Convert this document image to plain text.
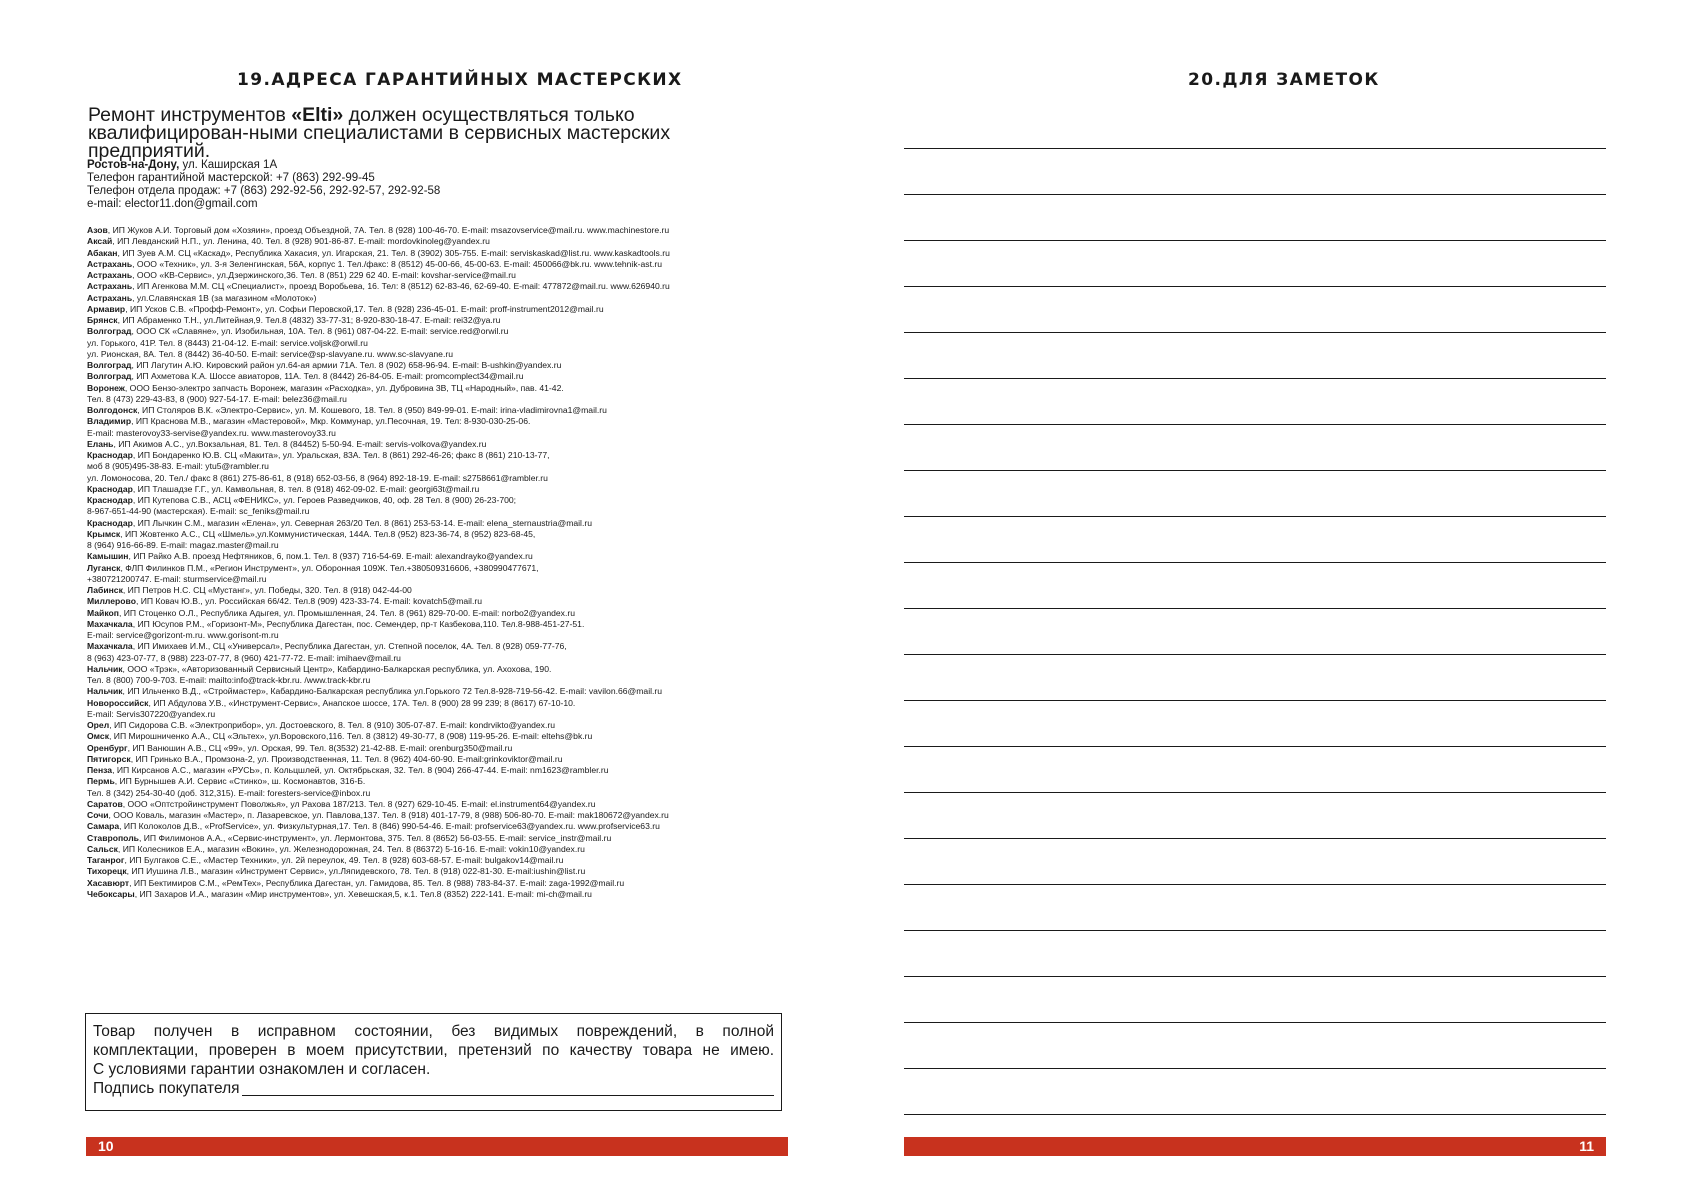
19.АДРЕСА ГАРАНТИЙНЫХ МАСТЕРСКИХ

Ремонт инструментов «Elti» должен осуществляться только квалифицирован-ными специалистами в сервисных мастерских предприятий.

Ростов-на-Дону, ул. Каширская 1А
Телефон гарантийной мастерской: +7 (863) 292-99-45
Телефон отдела продаж: +7 (863) 292-92-56, 292-92-57, 292-92-58
e-mail: elector11.don@gmail.com
Азов, ИП Жуков А.И. Торговый дом «Хозяин», проезд Объездной, 7А. Тел. 8 (928) 100-46-70. E-mail: msazovservice@mail.ru. www.machinestore.ru
Аксай, ИП Левданский Н.П., ул. Ленина, 40. Тел. 8 (928) 901-86-87. E-mail: mordovkinoleg@yandex.ru
Абакан, ИП Зуев А.М. СЦ «Каскад», Республика Хакасия, ул. Игарская, 21. Тел. 8 (3902) 305-755. E-mail: serviskaskad@list.ru. www.kaskadtools.ru
Астрахань, ООО «Техник», ул. 3-я Зеленгинская, 56А, корпус 1. Тел./факс: 8 (8512) 45-00-66, 45-00-63. E-mail: 450066@bk.ru. www.tehnik-ast.ru
Астрахань, ООО «КВ-Сервис», ул.Дзержинского,36. Тел. 8 (851) 229 62 40. E-mail: kovshar-service@mail.ru
Астрахань, ИП Агенкова М.М. СЦ «Специалист», проезд Воробьева, 16. Тел: 8 (8512) 62-83-46, 62-69-40. E-mail: 477872@mail.ru. www.626940.ru
Астрахань, ул.Славянская 1В (за магазином «Молоток»)
Армавир, ИП Усков С.В. «Профф-Ремонт», ул. Софьи Перовской,17. Тел. 8 (928) 236-45-01. E-mail: proff-instrument2012@mail.ru
Брянск, ИП Абраменко Т.Н., ул.Литейная,9. Тел.8 (4832) 33-77-31; 8-920-830-18-47. E-mail: rei32@ya.ru
Волгоград, ООО СК «Славяне», ул. Изобильная, 10А. Тел. 8 (961) 087-04-22. E-mail: service.red@orwil.ru
ул. Горького, 41Р. Тел. 8 (8443) 21-04-12. E-mail: service.voljsk@orwil.ru
ул. Рионская, 8А. Тел. 8 (8442) 36-40-50. E-mail: service@sp-slavyane.ru. www.sc-slavyane.ru
Волгоград, ИП Лагутин А.Ю. Кировский район ул.64-ая армии 71А. Тел. 8 (902) 658-96-94. E-mail: B-ushkin@yandex.ru
Волгоград, ИП Ахметова К.А. Шоссе авиаторов, 11А. Тел. 8 (8442) 26-84-05. E-mail: promcomplect34@mail.ru
Воронеж, ООО Бензо-электро запчасть Воронеж, магазин «Расходка», ул. Дубровина 3В, ТЦ «Народный», пав. 41-42.
Тел. 8 (473) 229-43-83, 8 (900) 927-54-17. E-mail: belez36@mail.ru
Волгодонск, ИП Столяров В.К. «Электро-Сервис», ул. М. Кошевого, 18. Тел. 8 (950) 849-99-01. E-mail: irina-vladimirovna1@mail.ru
Владимир, ИП Краснова М.В., магазин «Мастеровой», Мкр. Коммунар, ул.Песочная, 19. Тел: 8-930-030-25-06.
E-mail: masterovoy33-servise@yandex.ru. www.masterovoy33.ru
Елань, ИП Акимов А.С., ул.Вокзальная, 81. Тел. 8 (84452) 5-50-94. E-mail: servis-volkova@yandex.ru
Краснодар, ИП Бондаренко Ю.В. СЦ «Макита», ул. Уральская, 83А. Тел. 8 (861) 292-46-26; факс 8 (861) 210-13-77,
моб 8 (905)495-38-83. E-mail: ytu5@rambler.ru
ул. Ломоносова, 20. Тел./ факс 8 (861) 275-86-61, 8 (918) 652-03-56, 8 (964) 892-18-19. E-mail: s2758661@rambler.ru
Краснодар, ИП Тлашадзе Г.Г., ул. Камвольная, 8. тел. 8 (918) 462-09-02. E-mail: georgi63t@mail.ru
Краснодар, ИП Кутепова С.В., АСЦ «ФЕНИКС», ул. Героев Разведчиков, 40, оф. 28 Тел. 8 (900) 26-23-700;
8-967-651-44-90 (мастерская). E-mail: sc_feniks@mail.ru
Краснодар, ИП Лычкин С.М., магазин «Елена», ул. Северная 263/20 Тел. 8 (861) 253-53-14. E-mail: elena_sternaustria@mail.ru
Крымск, ИП Жовтенко А.С., СЦ «Шмель»,ул.Коммунистическая, 144А. Тел.8 (952) 823-36-74, 8 (952) 823-68-45,
8 (964) 916-66-89. E-mail: magaz.master@mail.ru
Камышин, ИП Райко А.В. проезд Нефтяников, 6, пом.1. Тел. 8 (937) 716-54-69. E-mail: alexandrayko@yandex.ru
Луганск, ФЛП Филинков П.М., «Регион Инструмент», ул. Оборонная 109Ж. Тел.+380509316606, +380990477671,
+380721200747. E-mail: sturmservice@mail.ru
Лабинск, ИП Петров Н.С. СЦ «Мустанг», ул. Победы, 320. Тел. 8 (918) 042-44-00
Миллерово, ИП Ковач Ю.В., ул. Российская 66/42. Тел.8 (909) 423-33-74. E-mail: kovatch5@mail.ru
Майкоп, ИП Стоценко О.Л., Республика Адыгея, ул. Промышленная, 24. Тел. 8 (961) 829-70-00. E-mail: norbo2@yandex.ru
Махачкала, ИП Юсупов Р.М., «Горизонт-М», Республика Дагестан, пос. Семендер, пр-т Казбекова,110. Тел.8-988-451-27-51.
E-mail: service@gorizont-m.ru. www.gorisont-m.ru
Махачкала, ИП Имихаев И.М., СЦ «Универсал», Республика Дагестан, ул. Степной поселок, 4А. Тел. 8 (928) 059-77-76,
8 (963) 423-07-77, 8 (988) 223-07-77, 8 (960) 421-77-72. E-mail: imihaev@mail.ru
Нальчик, ООО «Трэк», «Авторизованный Сервисный Центр», Кабардино-Балкарская республика, ул. Ахохова, 190.
Тел. 8 (800) 700-9-703. E-mail: mailto:info@track-kbr.ru. /www.track-kbr.ru
Нальчик, ИП Ильченко В.Д., «Строймастер», Кабардино-Балкарская республика ул.Горького 72 Тел.8-928-719-56-42. E-mail: vavilon.66@mail.ru
Новороссийск, ИП Абдулова У.В., «Инструмент-Сервис», Анапское шоссе, 17А. Тел. 8 (900) 28 99 239; 8 (8617) 67-10-10.
E-mail: Servis307220@yandex.ru
Орел, ИП Сидорова С.В. «Электроприбор», ул. Достоевского, 8. Тел. 8 (910) 305-07-87. E-mail: kondrvikto@yandex.ru
Омск, ИП Мирошниченко А.А., СЦ «Эльтех», ул.Воровского,116. Тел. 8 (3812) 49-30-77, 8 (908) 119-95-26. E-mail: eltehs@bk.ru
Оренбург, ИП Ванюшин А.В., СЦ «99», ул. Орская, 99. Тел. 8(3532) 21-42-88. E-mail: orenburg350@mail.ru
Пятигорск, ИП Гринько В.А., Промзона-2, ул. Производственная, 11. Тел. 8 (962) 404-60-90. E-mail:grinkoviktor@mail.ru
Пенза, ИП Кирсанов А.С., магазин «РУСЬ», п. Кольцшлей, ул. Октябрьская, 32. Тел. 8 (904) 266-47-44. E-mail: nm1623@rambler.ru
Пермь, ИП Бурнышев А.И. Сервис «Стинко», ш. Космонавтов, 316-Б.
Тел. 8 (342) 254-30-40 (доб. 312,315). E-mail: foresters-service@inbox.ru
Саратов, ООО «Оптстройинструмент Поволжья», ул Рахова 187/213. Тел. 8 (927) 629-10-45. E-mail: el.instrument64@yandex.ru
Сочи, ООО Коваль, магазин «Мастер», п. Лазаревское, ул. Павлова,137. Тел. 8 (918) 401-17-79, 8 (988) 506-80-70. E-mail: mak180672@yandex.ru
Самара, ИП Колоколов Д.В., «ProfService», ул. Физкультурная,17. Тел. 8 (846) 990-54-46. E-mail: profservice63@yandex.ru. www.profservice63.ru
Ставрополь, ИП Филимонов А.А., «Сервис-инструмент», ул. Лермонтова, 375. Тел. 8 (8652) 56-03-55. E-mail: service_instr@mail.ru
Сальск, ИП Колесников Е.А., магазин «Вокин», ул. Железнодорожная, 24. Тел. 8 (86372) 5-16-16. E-mail: vokin10@yandex.ru
Таганрог, ИП Булгаков С.Е., «Мастер Техники», ул. 2й переулок, 49. Тел. 8 (928) 603-68-57. E-mail: bulgakov14@mail.ru
Тихорецк, ИП Иушина Л.В., магазин «Инструмент Сервис», ул.Ляпидевского, 78. Тел. 8 (918) 022-81-30. E-mail:iushin@list.ru
Хасавюрт, ИП Бектимиров С.М., «РемТех», Республика Дагестан, ул. Гамидова, 85. Тел. 8 (988) 783-84-37. E-mail: zaga-1992@mail.ru
Чебоксары, ИП Захаров И.А., магазин «Мир инструментов», ул. Хевешская,5, к.1. Тел.8 (8352) 222-141. E-mail: mi-ch@mail.ru
Товар получен в исправном состоянии, без видимых повреждений, в полной
комплектации, проверен в моем присутствии, претензий по качеству товара не имею.
С условиями гарантии ознакомлен и согласен.
Подпись покупателя
10
20.ДЛЯ ЗАМЕТОК
11
